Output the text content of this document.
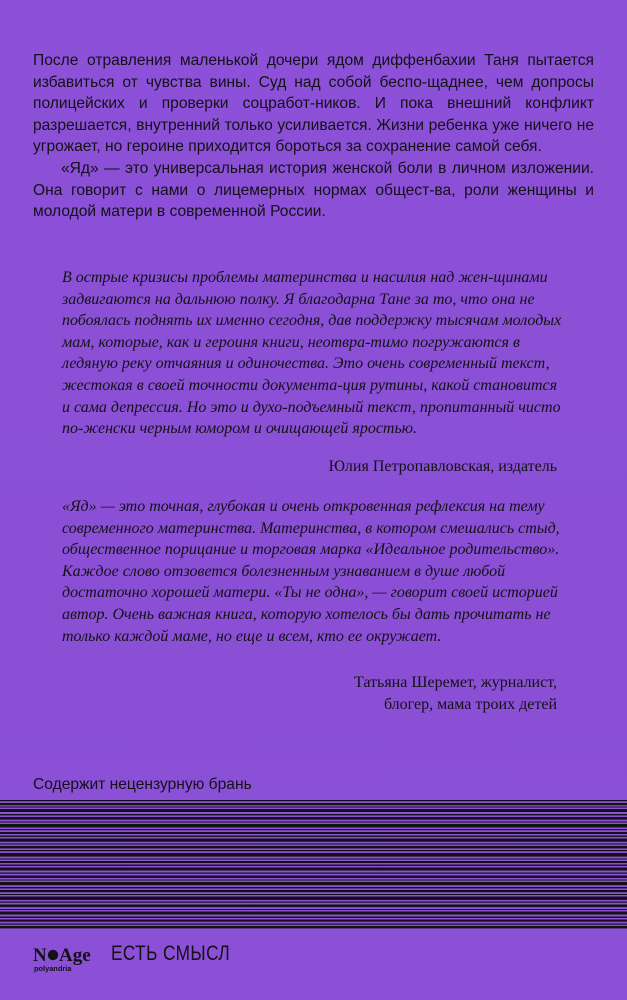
После отравления маленькой дочери ядом диффенбахии Таня пытается избавиться от чувства вины. Суд над собой беспо-щаднее, чем допросы полицейских и проверки соцработ-ников. И пока внешний конфликт разрешается, внутренний только усиливается. Жизни ребенка уже ничего не угрожает, но героине приходится бороться за сохранение самой себя.

«Яд» — это универсальная история женской боли в личном изложении. Она говорит с нами о лицемерных нормах общест-ва, роли женщины и молодой матери в современной России.

В острые кризисы проблемы материнства и насилия над жен-щинами задвигаются на дальнюю полку. Я благодарна Тане за то, что она не побоялась поднять их именно сегодня, дав поддержку тысячам молодых мам, которые, как и героиня книги, неотвра-тимо погружаются в ледяную реку отчаяния и одиночества. Это очень современный текст, жестокая в своей точности документа-ция рутины, какой становится и сама депрессия. Но это и духо-подъемный текст, пропитанный чисто по-женски черным юмором и очищающей яростью.

Юлия Петропавловская, издатель

«Яд» — это точная, глубокая и очень откровенная рефлексия на тему современного материнства. Материнства, в котором смешались стыд, общественное порицание и торговая марка «Идеальное родительство». Каждое слово отзовется болезненным узнаванием в душе любой достаточно хорошей матери. «Ты не одна», — говорит своей историей автор. Очень важная книга, которую хотелось бы дать прочитать не только каждой маме, но еще и всем, кто ее окружает.

Татьяна Шеремет, журналист,
блогер, мама троих детей
Содержит нецензурную брань
N Age
polyandria
ЕСТЬ СМЫСЛ
